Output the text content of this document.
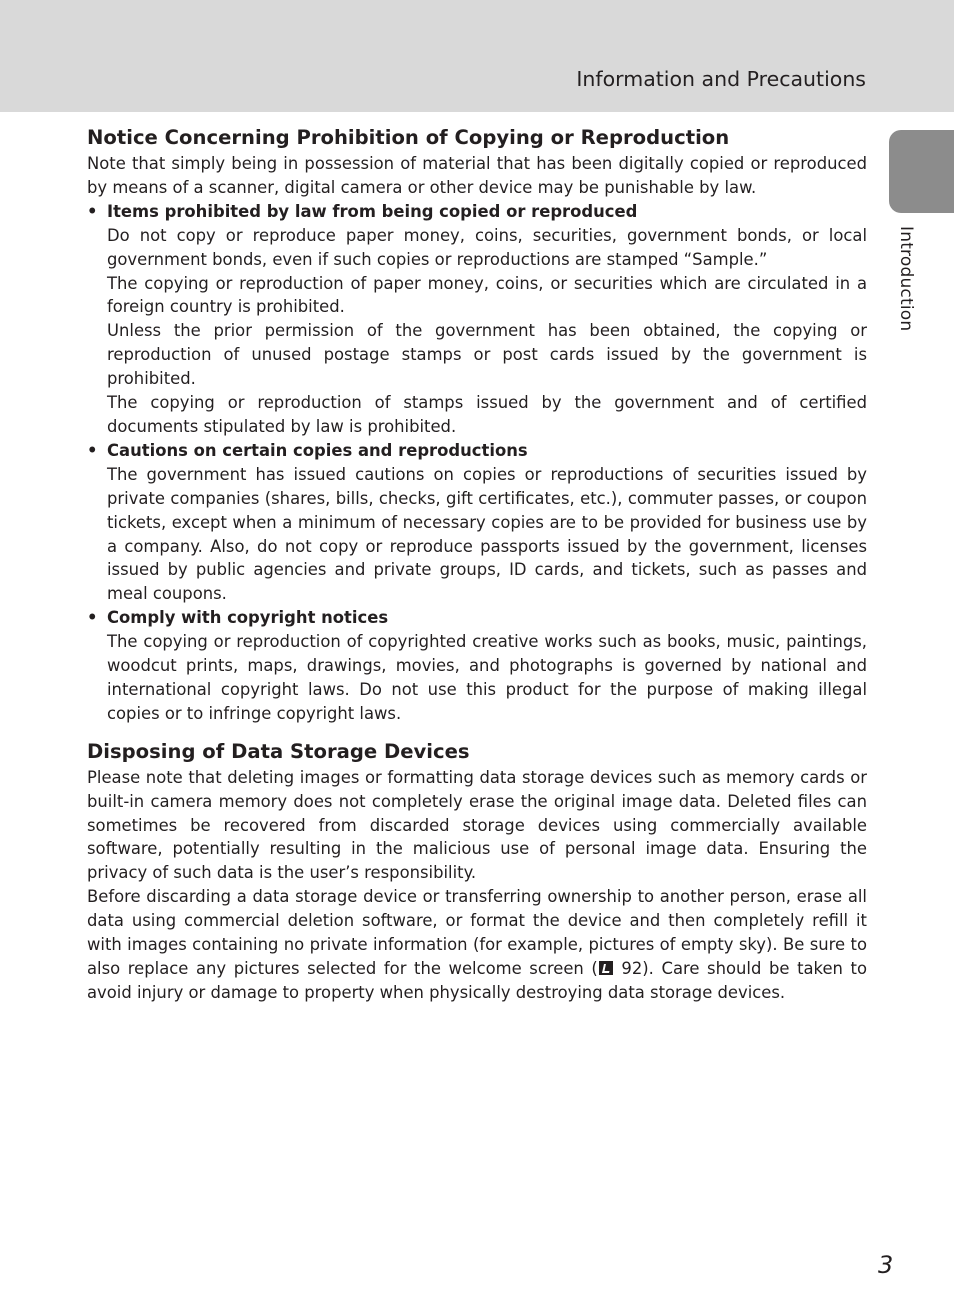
Information and Precautions
Introduction
Notice Concerning Prohibition of Copying or Reproduction

Note that simply being in possession of material that has been digitally copied or reproduced by means of a scanner, digital camera or other device may be punishable by law.

• Items prohibited by law from being copied or reproduced

Do not copy or reproduce paper money, coins, securities, government bonds, or local government bonds, even if such copies or reproductions are stamped “Sample.”

The copying or reproduction of paper money, coins, or securities which are circulated in a foreign country is prohibited.

Unless the prior permission of the government has been obtained, the copying or reproduction of unused postage stamps or post cards issued by the government is prohibited.

The copying or reproduction of stamps issued by the government and of certified documents stipulated by law is prohibited.

• Cautions on certain copies and reproductions

The government has issued cautions on copies or reproductions of securities issued by private companies (shares, bills, checks, gift certificates, etc.), commuter passes, or coupon tickets, except when a minimum of necessary copies are to be provided for business use by a company. Also, do not copy or reproduce passports issued by the government, licenses issued by public agencies and private groups, ID cards, and tickets, such as passes and meal coupons.

• Comply with copyright notices

The copying or reproduction of copyrighted creative works such as books, music, paintings, woodcut prints, maps, drawings, movies, and photographs is governed by national and international copyright laws. Do not use this product for the purpose of making illegal copies or to infringe copyright laws.

Disposing of Data Storage Devices

Please note that deleting images or formatting data storage devices such as memory cards or built-in camera memory does not completely erase the original image data. Deleted files can sometimes be recovered from discarded storage devices using commercially available software, potentially resulting in the malicious use of personal image data. Ensuring the privacy of such data is the user’s responsibility.

Before discarding a data storage device or transferring ownership to another person, erase all data using commercial deletion software, or format the device and then completely refill it with images containing no private information (for example, pictures of empty sky). Be sure to also replace any pictures selected for the welcome screen ( 92). Care should be taken to avoid injury or damage to property when physically destroying data storage devices.

3
